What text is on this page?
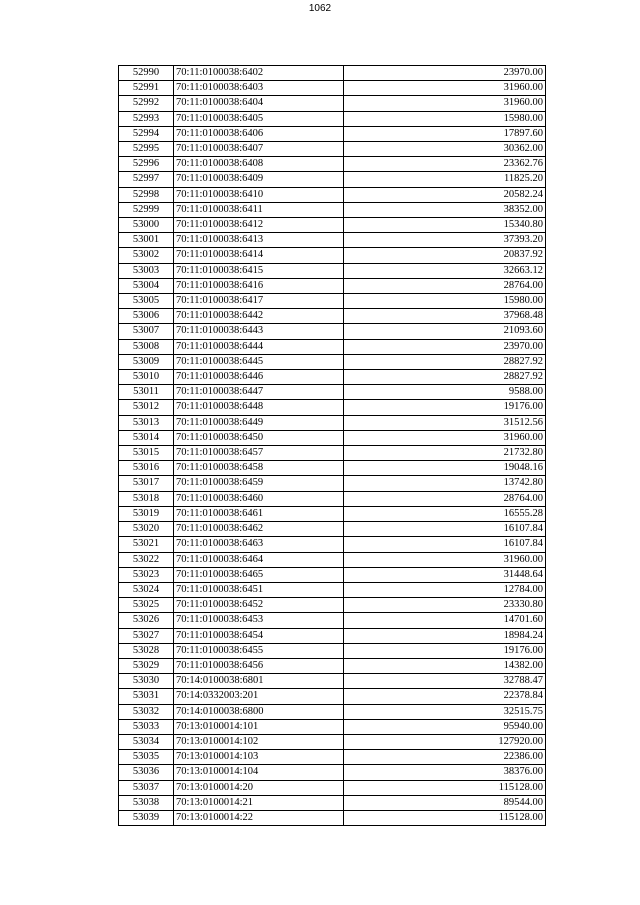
1062
52990	70:11:0100038:6402	23970.00
52991	70:11:0100038:6403	31960.00
52992	70:11:0100038:6404	31960.00
52993	70:11:0100038:6405	15980.00
52994	70:11:0100038:6406	17897.60
52995	70:11:0100038:6407	30362.00
52996	70:11:0100038:6408	23362.76
52997	70:11:0100038:6409	11825.20
52998	70:11:0100038:6410	20582.24
52999	70:11:0100038:6411	38352.00
53000	70:11:0100038:6412	15340.80
53001	70:11:0100038:6413	37393.20
53002	70:11:0100038:6414	20837.92
53003	70:11:0100038:6415	32663.12
53004	70:11:0100038:6416	28764.00
53005	70:11:0100038:6417	15980.00
53006	70:11:0100038:6442	37968.48
53007	70:11:0100038:6443	21093.60
53008	70:11:0100038:6444	23970.00
53009	70:11:0100038:6445	28827.92
53010	70:11:0100038:6446	28827.92
53011	70:11:0100038:6447	9588.00
53012	70:11:0100038:6448	19176.00
53013	70:11:0100038:6449	31512.56
53014	70:11:0100038:6450	31960.00
53015	70:11:0100038:6457	21732.80
53016	70:11:0100038:6458	19048.16
53017	70:11:0100038:6459	13742.80
53018	70:11:0100038:6460	28764.00
53019	70:11:0100038:6461	16555.28
53020	70:11:0100038:6462	16107.84
53021	70:11:0100038:6463	16107.84
53022	70:11:0100038:6464	31960.00
53023	70:11:0100038:6465	31448.64
53024	70:11:0100038:6451	12784.00
53025	70:11:0100038:6452	23330.80
53026	70:11:0100038:6453	14701.60
53027	70:11:0100038:6454	18984.24
53028	70:11:0100038:6455	19176.00
53029	70:11:0100038:6456	14382.00
53030	70:14:0100038:6801	32788.47
53031	70:14:0332003:201	22378.84
53032	70:14:0100038:6800	32515.75
53033	70:13:0100014:101	95940.00
53034	70:13:0100014:102	127920.00
53035	70:13:0100014:103	22386.00
53036	70:13:0100014:104	38376.00
53037	70:13:0100014:20	115128.00
53038	70:13:0100014:21	89544.00
53039	70:13:0100014:22	115128.00
